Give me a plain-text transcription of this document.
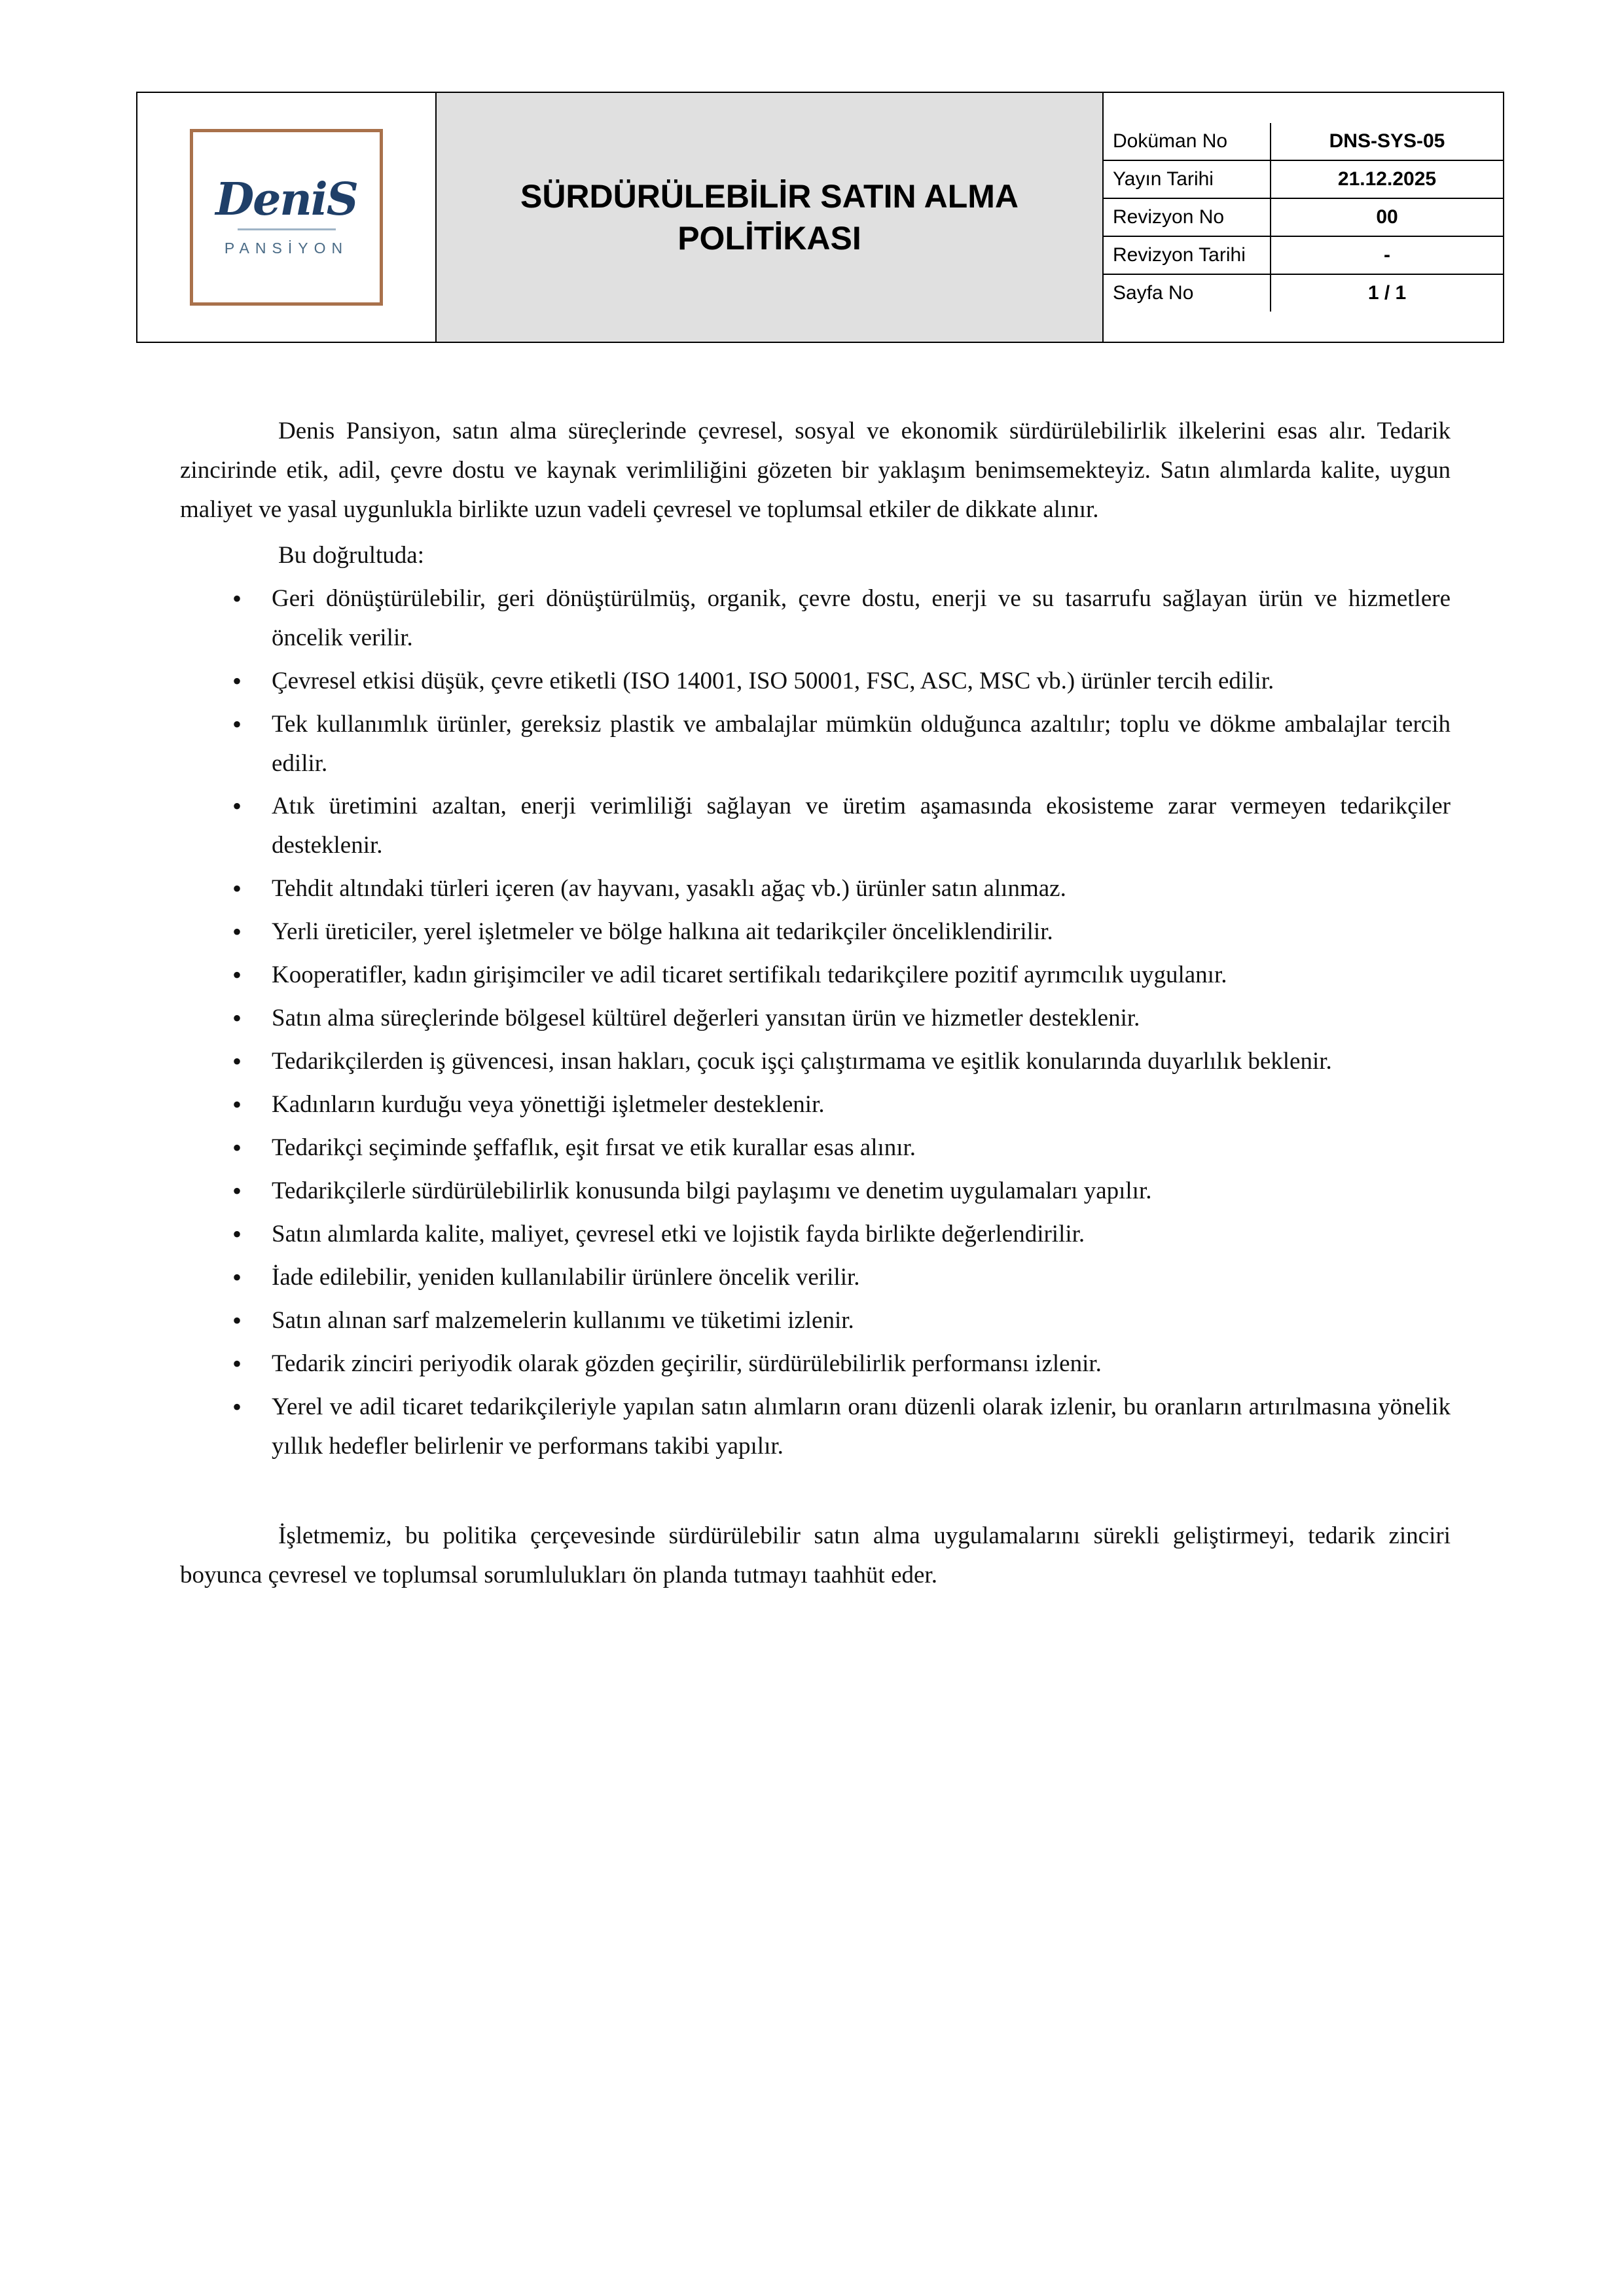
DeniS
PANSİYON

SÜRDÜRÜLEBİLİR SATIN ALMA POLİTİKASI

Doküman No	DNS-SYS-05
Yayın Tarihi	21.12.2025
Revizyon No	00
Revizyon Tarihi	-
Sayfa No	1 / 1

Denis Pansiyon, satın alma süreçlerinde çevresel, sosyal ve ekonomik sürdürülebilirlik ilkelerini esas alır. Tedarik zincirinde etik, adil, çevre dostu ve kaynak verimliliğini gözeten bir yaklaşım benimsemekteyiz. Satın alımlarda kalite, uygun maliyet ve yasal uygunlukla birlikte uzun vadeli çevresel ve toplumsal etkiler de dikkate alınır.

Bu doğrultuda:

• Geri dönüştürülebilir, geri dönüştürülmüş, organik, çevre dostu, enerji ve su tasarrufu sağlayan ürün ve hizmetlere öncelik verilir.
• Çevresel etkisi düşük, çevre etiketli (ISO 14001, ISO 50001, FSC, ASC, MSC vb.) ürünler tercih edilir.
• Tek kullanımlık ürünler, gereksiz plastik ve ambalajlar mümkün olduğunca azaltılır; toplu ve dökme ambalajlar tercih edilir.
• Atık üretimini azaltan, enerji verimliliği sağlayan ve üretim aşamasında ekosisteme zarar vermeyen tedarikçiler desteklenir.
• Tehdit altındaki türleri içeren (av hayvanı, yasaklı ağaç vb.) ürünler satın alınmaz.
• Yerli üreticiler, yerel işletmeler ve bölge halkına ait tedarikçiler önceliklendirilir.
• Kooperatifler, kadın girişimciler ve adil ticaret sertifikalı tedarikçilere pozitif ayrımcılık uygulanır.
• Satın alma süreçlerinde bölgesel kültürel değerleri yansıtan ürün ve hizmetler desteklenir.
• Tedarikçilerden iş güvencesi, insan hakları, çocuk işçi çalıştırmama ve eşitlik konularında duyarlılık beklenir.
• Kadınların kurduğu veya yönettiği işletmeler desteklenir.
• Tedarikçi seçiminde şeffaflık, eşit fırsat ve etik kurallar esas alınır.
• Tedarikçilerle sürdürülebilirlik konusunda bilgi paylaşımı ve denetim uygulamaları yapılır.
• Satın alımlarda kalite, maliyet, çevresel etki ve lojistik fayda birlikte değerlendirilir.
• İade edilebilir, yeniden kullanılabilir ürünlere öncelik verilir.
• Satın alınan sarf malzemelerin kullanımı ve tüketimi izlenir.
• Tedarik zinciri periyodik olarak gözden geçirilir, sürdürülebilirlik performansı izlenir.
• Yerel ve adil ticaret tedarikçileriyle yapılan satın alımların oranı düzenli olarak izlenir, bu oranların artırılmasına yönelik yıllık hedefler belirlenir ve performans takibi yapılır.

İşletmemiz, bu politika çerçevesinde sürdürülebilir satın alma uygulamalarını sürekli geliştirmeyi, tedarik zinciri boyunca çevresel ve toplumsal sorumlulukları ön planda tutmayı taahhüt eder.
